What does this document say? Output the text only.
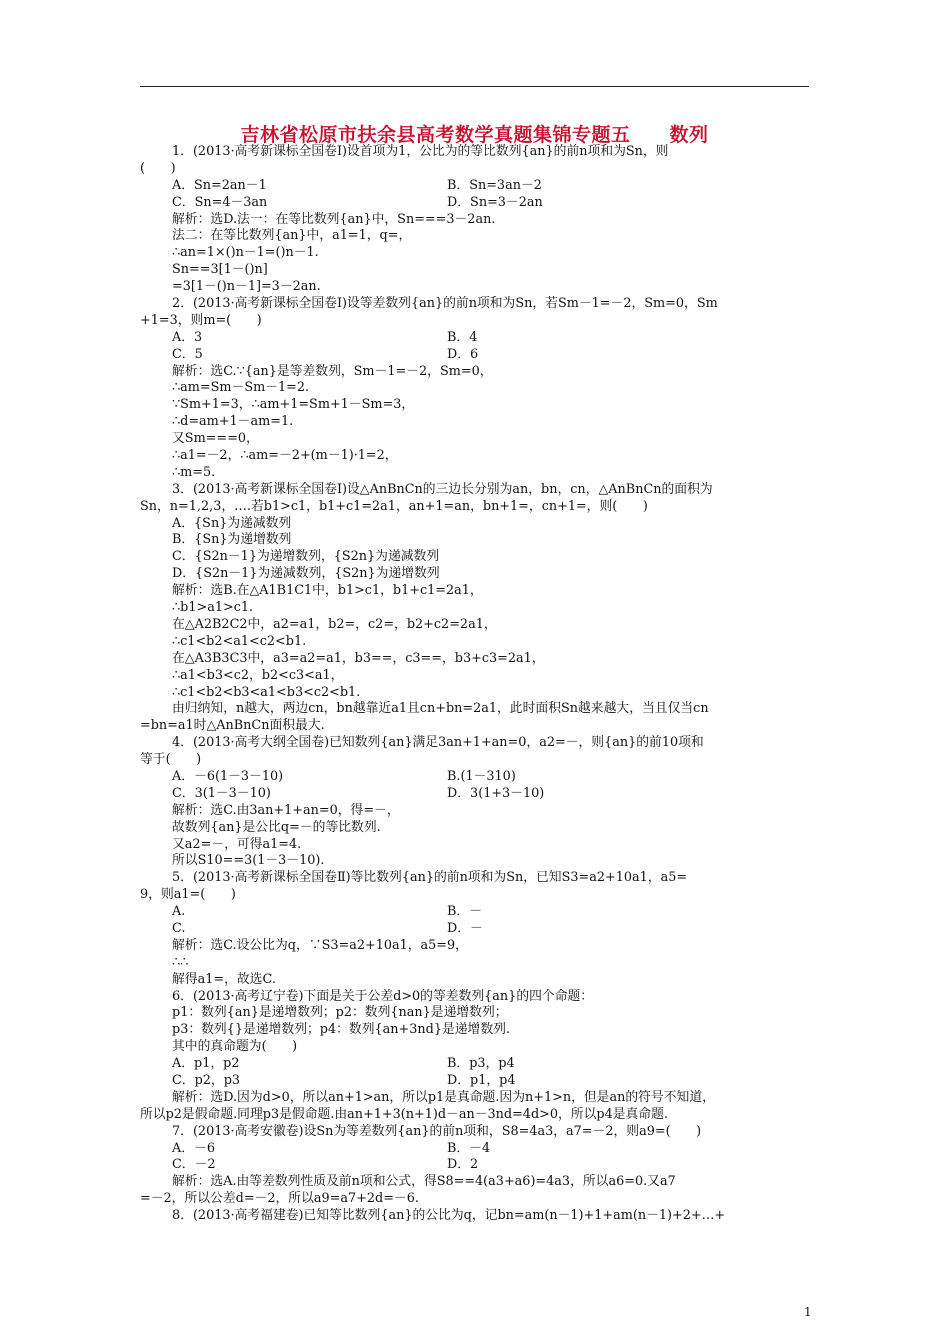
吉林省松原市扶余县高考数学真题集锦专题五　　数列
1．(2013·高考新课标全国卷Ⅰ)设首项为1，公比为的等比数列{an}的前n项和为Sn，则
(　　)
A．Sn=2an－1	B．Sn=3an－2
C．Sn=4－3an	D．Sn=3－2an
解析：选D.法一：在等比数列{an}中，Sn===3－2an.
法二：在等比数列{an}中，a1=1，q=，
∴an=1×()n－1=()n－1.
Sn==3[1－()n]
=3[1－()n－1]=3－2an.
2．(2013·高考新课标全国卷Ⅰ)设等差数列{an}的前n项和为Sn，若Sm－1=－2，Sm=0，Sm
+1=3，则m=(　　)
A．3	B．4
C．5	D．6
解析：选C.∵{an}是等差数列，Sm－1=－2，Sm=0，
∴am=Sm－Sm－1=2.
∵Sm+1=3，∴am+1=Sm+1－Sm=3，
∴d=am+1－am=1.
又Sm===0，
∴a1=－2，∴am=－2+(m－1)·1=2，
∴m=5.
3．(2013·高考新课标全国卷Ⅰ)设△AnBnCn的三边长分别为an，bn，cn，△AnBnCn的面积为
Sn，n=1,2,3，….若b1>c1，b1+c1=2a1，an+1=an，bn+1=，cn+1=，则(　　)
A．{Sn}为递减数列
B．{Sn}为递增数列
C．{S2n－1}为递增数列，{S2n}为递减数列
D．{S2n－1}为递减数列，{S2n}为递增数列
解析：选B.在△A1B1C1中，b1>c1，b1+c1=2a1，
∴b1>a1>c1.
在△A2B2C2中，a2=a1，b2=，c2=，b2+c2=2a1，
∴c1<b2<a1<c2<b1.
在△A3B3C3中，a3=a2=a1，b3==，c3==，b3+c3=2a1，
∴a1<b3<c2，b2<c3<a1，
∴c1<b2<b3<a1<b3<c2<b1.
由归纳知，n越大，两边cn，bn越靠近a1且cn+bn=2a1，此时面积Sn越来越大，当且仅当cn
=bn=a1时△AnBnCn面积最大.
4．(2013·高考大纲全国卷)已知数列{an}满足3an+1+an=0，a2=－，则{an}的前10项和
等于(　　)
A．－6(1－3－10)	B.(1－310)
C．3(1－3－10)	D．3(1+3－10)
解析：选C.由3an+1+an=0，得=－，
故数列{an}是公比q=－的等比数列.
又a2=－，可得a1=4.
所以S10==3(1－3－10).
5．(2013·高考新课标全国卷Ⅱ)等比数列{an}的前n项和为Sn，已知S3=a2+10a1，a5=
9，则a1=(　　)
A.	B．－
C.	D．－
解析：选C.设公比为q，∵S3=a2+10a1，a5=9，
∴∴
解得a1=，故选C.
6．(2013·高考辽宁卷)下面是关于公差d>0的等差数列{an}的四个命题：
p1：数列{an}是递增数列；p2：数列{nan}是递增数列；
p3：数列{}是递增数列；p4：数列{an+3nd}是递增数列.
其中的真命题为(　　)
A．p1，p2	B．p3，p4
C．p2，p3	D．p1，p4
解析：选D.因为d>0，所以an+1>an，所以p1是真命题.因为n+1>n，但是an的符号不知道，
所以p2是假命题.同理p3是假命题.由an+1+3(n+1)d－an－3nd=4d>0，所以p4是真命题.
7．(2013·高考安徽卷)设Sn为等差数列{an}的前n项和，S8=4a3，a7=－2，则a9=(　　)
A．－6	B．－4
C．－2	D．2
解析：选A.由等差数列性质及前n项和公式，得S8==4(a3+a6)=4a3，所以a6=0.又a7
=－2，所以公差d=－2，所以a9=a7+2d=－6.
8．(2013·高考福建卷)已知等比数列{an}的公比为q，记bn=am(n－1)+1+am(n－1)+2+…+
1
